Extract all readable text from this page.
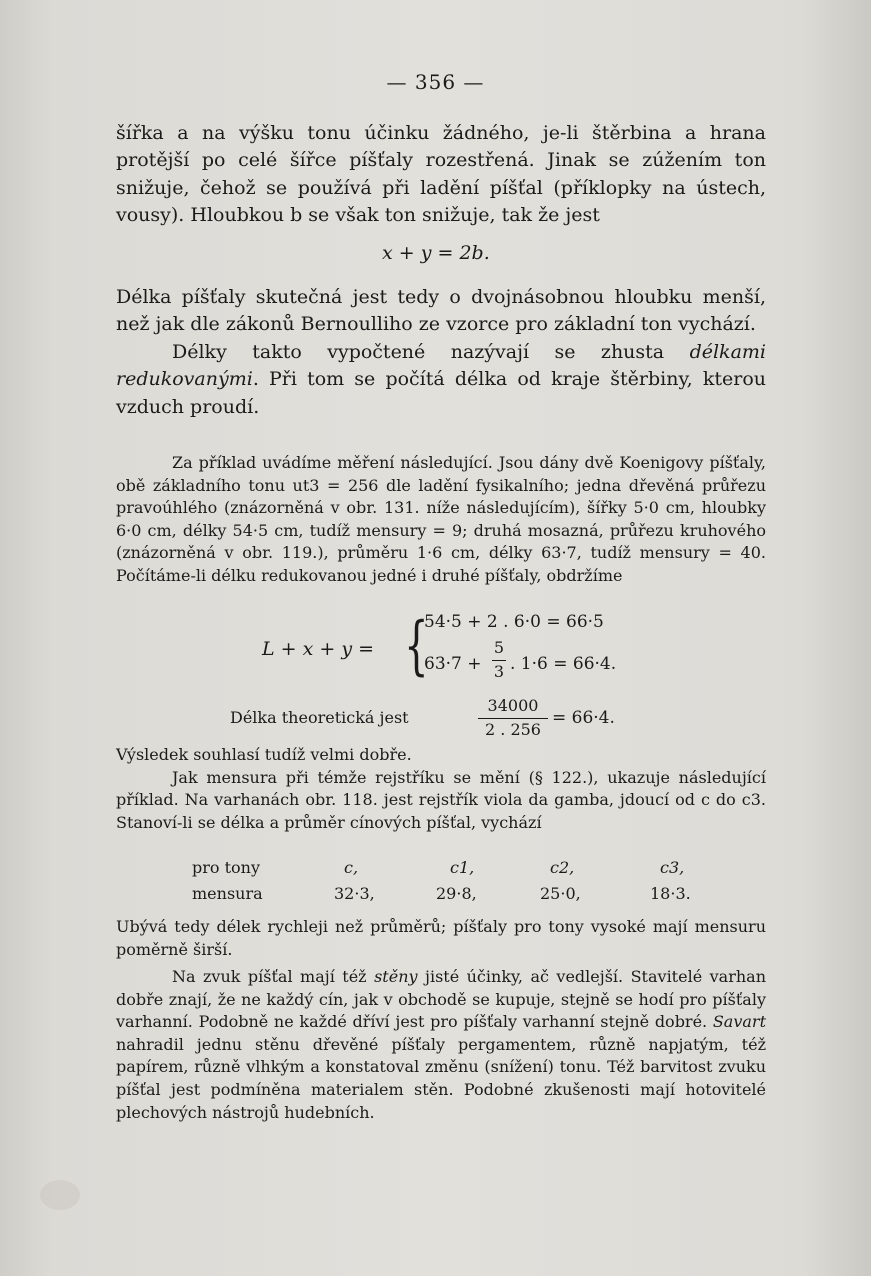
— 356 —

šířka a na výšku tonu účinku žádného, je-li štěrbina a hrana protější po celé šířce píšťaly rozestřená. Jinak se zúžením ton snižuje, čehož se používá při ladění píšťal (příklopky na ústech, vousy). Hloubkou b se však ton snižuje, tak že jest

x + y = 2b.

Délka píšťaly skutečná jest tedy o dvojnásobnou hloubku menší, než jak dle zákonů Bernoulliho ze vzorce pro základní ton vychází.

Délky takto vypočtené nazývají se zhusta délkami redukovanými. Při tom se počítá délka od kraje štěrbiny, kterou vzduch proudí.

Za příklad uvádíme měření následující. Jsou dány dvě Koenigovy píšťaly, obě základního tonu ut3 = 256 dle ladění fysikalního; jedna dřevěná průřezu pravoúhlého (znázorněná v obr. 131. níže následujícím), šířky 5·0 cm, hloubky 6·0 cm, délky 54·5 cm, tudíž mensury = 9; druhá mosazná, průřezu kruhového (znázorněná v obr. 119.), průměru 1·6 cm, délky 63·7, tudíž mensury = 40. Počítáme-li délku redukovanou jedné i druhé píšťaly, obdržíme

L + x + y = {
54·5 + 2 . 6·0 = 66·5
63·7 +
5
3 . 1·6 = 66·4.
Délka theoretická jest
34000
2 . 256
= 66·4.

Výsledek souhlasí tudíž velmi dobře.

Jak mensura při témže rejstříku se mění (§ 122.), ukazuje následující příklad. Na varhanách obr. 118. jest rejstřík viola da gamba, jdoucí od c do c3. Stanoví-li se délka a průměr cínových píšťal, vychází

pro tony	c,	c1,	c2,	c3,
mensura	32·3,	29·8,	25·0,	18·3.

Ubývá tedy délek rychleji než průměrů; píšťaly pro tony vysoké mají mensuru poměrně širší.

Na zvuk píšťal mají též stěny jisté účinky, ač vedlejší. Stavitelé varhan dobře znají, že ne každý cín, jak v obchodě se kupuje, stejně se hodí pro píšťaly varhanní. Podobně ne každé dříví jest pro píšťaly varhanní stejně dobré. Savart nahradil jednu stěnu dřevěné píšťaly pergamentem, různě napjatým, též papírem, různě vlhkým a konstatoval změnu (snížení) tonu. Též barvitost zvuku píšťal jest podmíněna materialem stěn. Podobné zkušenosti mají hotovitelé plechových nástrojů hudebních.
